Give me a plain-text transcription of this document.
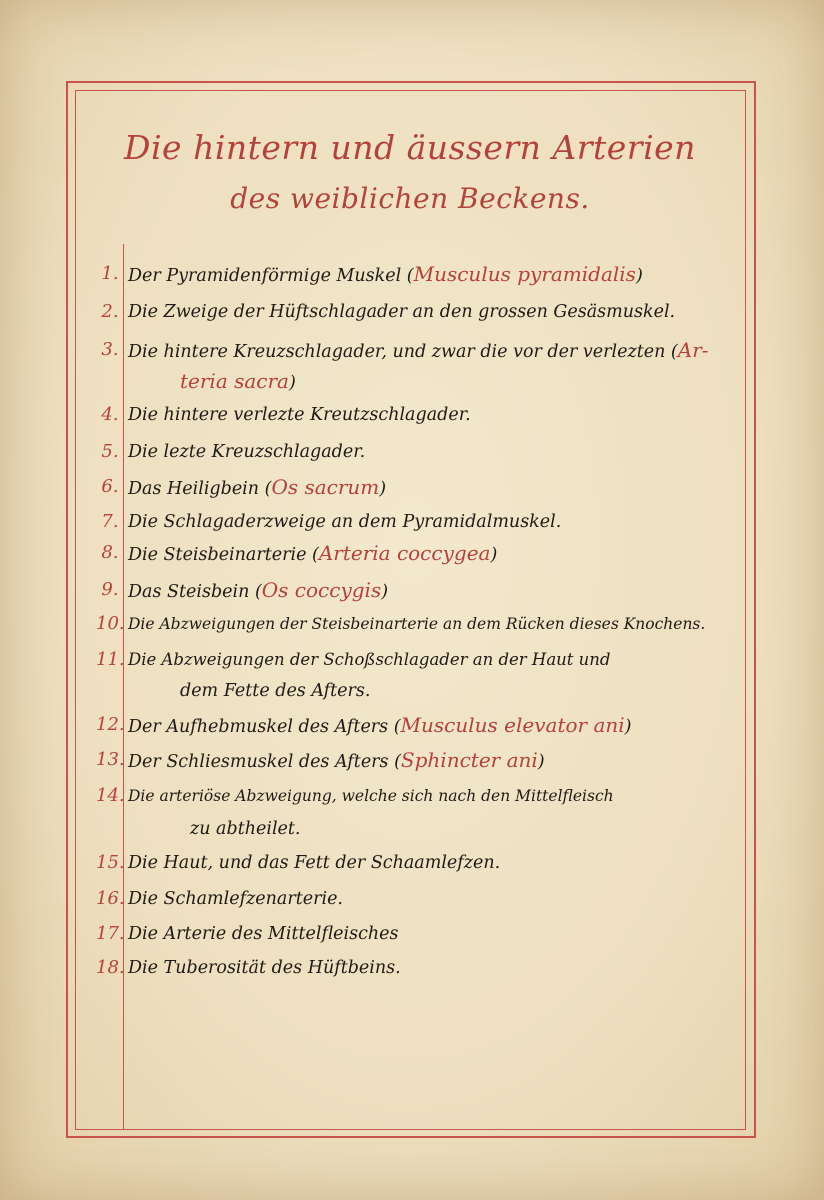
Die hintern und äussern Arterien
des weiblichen Beckens.
1. Der Pyramidenförmige Muskel (Musculus pyramidalis)
2. Die Zweige der Hüftschlagader an den grossen Gesäsmuskel.
3. Die hintere Kreuzschlagader, und zwar die vor der verlezten (Ar-
teria sacra)
4. Die hintere verlezte Kreutzschlagader.
5. Die lezte Kreuzschlagader.
6. Das Heiligbein (Os sacrum)
7. Die Schlagaderzweige an dem Pyramidalmuskel.
8. Die Steisbeinarterie (Arteria coccygea)
9. Das Steisbein (Os coccygis)
10. Die Abzweigungen der Steisbeinarterie an dem Rücken dieses Knochens.
11. Die Abzweigungen der Schoßschlagader an der Haut und
dem Fette des Afters.
12. Der Aufhebmuskel des Afters (Musculus elevator ani)
13. Der Schliesmuskel des Afters (Sphincter ani)
14. Die arteriöse Abzweigung, welche sich nach den Mittelfleisch
zu abtheilet.
15. Die Haut, und das Fett der Schaamlefzen.
16. Die Schamlefzenarterie.
17. Die Arterie des Mittelfleisches
18. Die Tuberosität des Hüftbeins.
